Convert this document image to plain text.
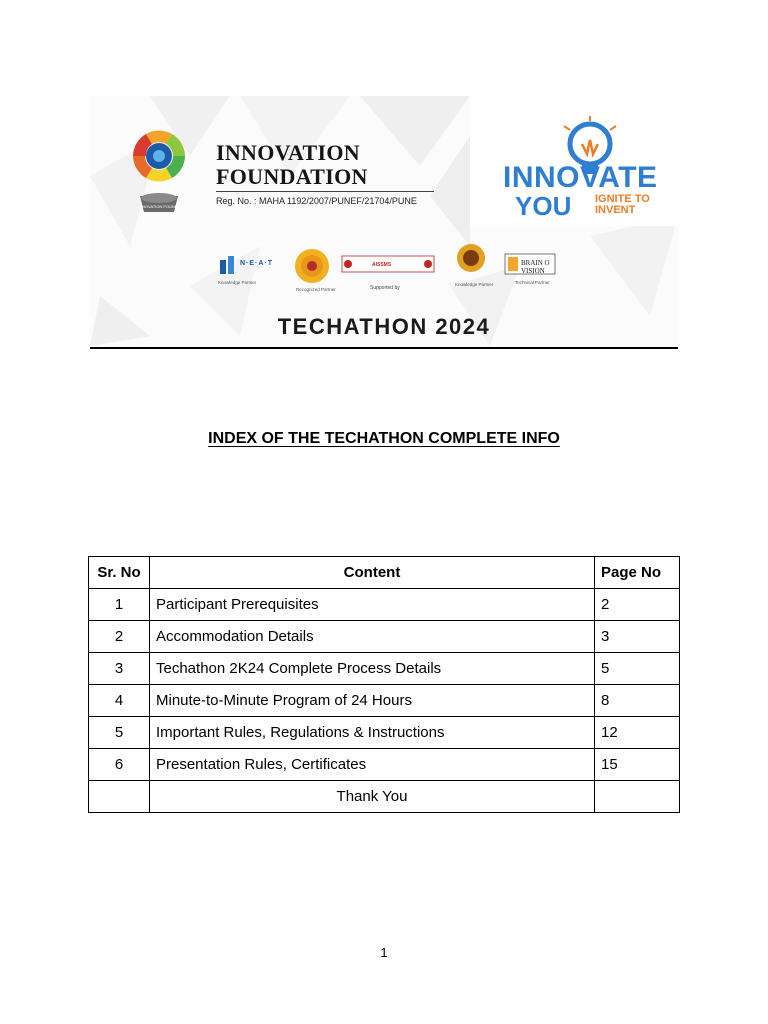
INNOVATION FOUNDATION
INNOVATION
FOUNDATION
Reg. No. : MAHA 1192/2007/PUNEF/21704/PUNE
INNOVATE
YOU IGNITE TO
INVENT
N·E·A·T
Knowledge Partner
Recognized Partner
AISSMS
Supported by
Knowledge Partner
BRAIN O
VISION
Technical Partner
TECHATHON 2024
INDEX OF THE TECHATHON COMPLETE INFO
Sr. No	Content	Page No
1	Participant Prerequisites	2
2	Accommodation Details	3
3	Techathon 2K24 Complete Process Details	5
4	Minute-to-Minute Program of 24 Hours	8
5	Important Rules, Regulations & Instructions	12
6	Presentation Rules, Certificates	15
	Thank You	
1
